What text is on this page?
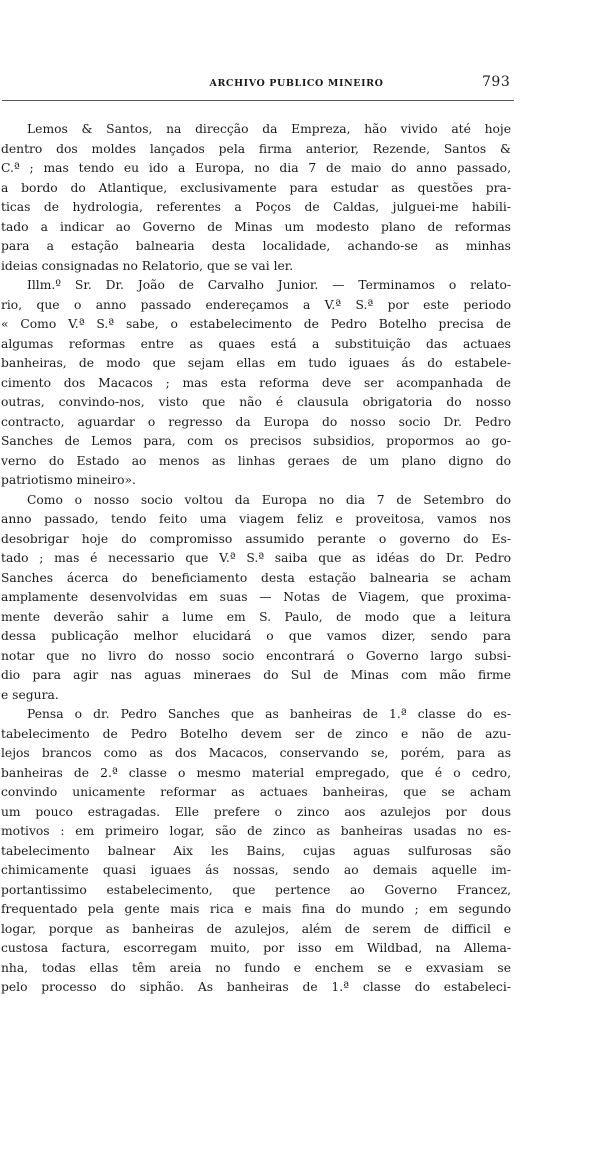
ARCHIVO PUBLICO MINEIRO	793
Lemos & Santos, na direcção da Empreza, hão vivido até hoje
dentro dos moldes lançados pela firma anterior, Rezende, Santos &
C.ª ; mas tendo eu ido a Europa, no dia 7 de maio do anno passado,
a bordo do Atlantique, exclusivamente para estudar as questões pra-
ticas de hydrologia, referentes a Poços de Caldas, julguei-me habili-
tado a indicar ao Governo de Minas um modesto plano de reformas
para a estação balnearia desta localidade, achando-se as minhas
ideias consignadas no Relatorio, que se vai ler.
Illm.º Sr. Dr. João de Carvalho Junior. — Terminamos o relato-
rio, que o anno passado endereçamos a V.ª S.ª por este periodo
« Como V.ª S.ª sabe, o estabelecimento de Pedro Botelho precisa de
algumas reformas entre as quaes está a substituição das actuaes
banheiras, de modo que sejam ellas em tudo iguaes ás do estabele-
cimento dos Macacos ; mas esta reforma deve ser acompanhada de
outras, convindo-nos, visto que não é clausula obrigatoria do nosso
contracto, aguardar o regresso da Europa do nosso socio Dr. Pedro
Sanches de Lemos para, com os precisos subsidios, propormos ao go-
verno do Estado ao menos as linhas geraes de um plano digno do
patriotismo mineiro».
Como o nosso socio voltou da Europa no dia 7 de Setembro do
anno passado, tendo feito uma viagem feliz e proveitosa, vamos nos
desobrigar hoje do compromisso assumido perante o governo do Es-
tado ; mas é necessario que V.ª S.ª saiba que as idéas do Dr. Pedro
Sanches ácerca do beneficiamento desta estação balnearia se acham
amplamente desenvolvidas em suas — Notas de Viagem, que proxima-
mente deverão sahir a lume em S. Paulo, de modo que a leitura
dessa publicação melhor elucidará o que vamos dizer, sendo para
notar que no livro do nosso socio encontrará o Governo largo subsi-
dio para agir nas aguas mineraes do Sul de Minas com mão firme
e segura.
Pensa o dr. Pedro Sanches que as banheiras de 1.ª classe do es-
tabelecimento de Pedro Botelho devem ser de zinco e não de azu-
lejos brancos como as dos Macacos, conservando se, porém, para as
banheiras de 2.ª classe o mesmo material empregado, que é o cedro,
convindo unicamente reformar as actuaes banheiras, que se acham
um pouco estragadas. Elle prefere o zinco aos azulejos por dous
motivos : em primeiro logar, são de zinco as banheiras usadas no es-
tabelecimento balnear Aix les Bains, cujas aguas sulfurosas são
chimicamente quasi iguaes ás nossas, sendo ao demais aquelle im-
portantissimo estabelecimento, que pertence ao Governo Francez,
frequentado pela gente mais rica e mais fina do mundo ; em segundo
logar, porque as banheiras de azulejos, além de serem de difficil e
custosa factura, escorregam muito, por isso em Wildbad, na Allema-
nha, todas ellas têm areia no fundo e enchem se e exvasiam se
pelo processo do siphão. As banheiras de 1.ª classe do estabeleci-
